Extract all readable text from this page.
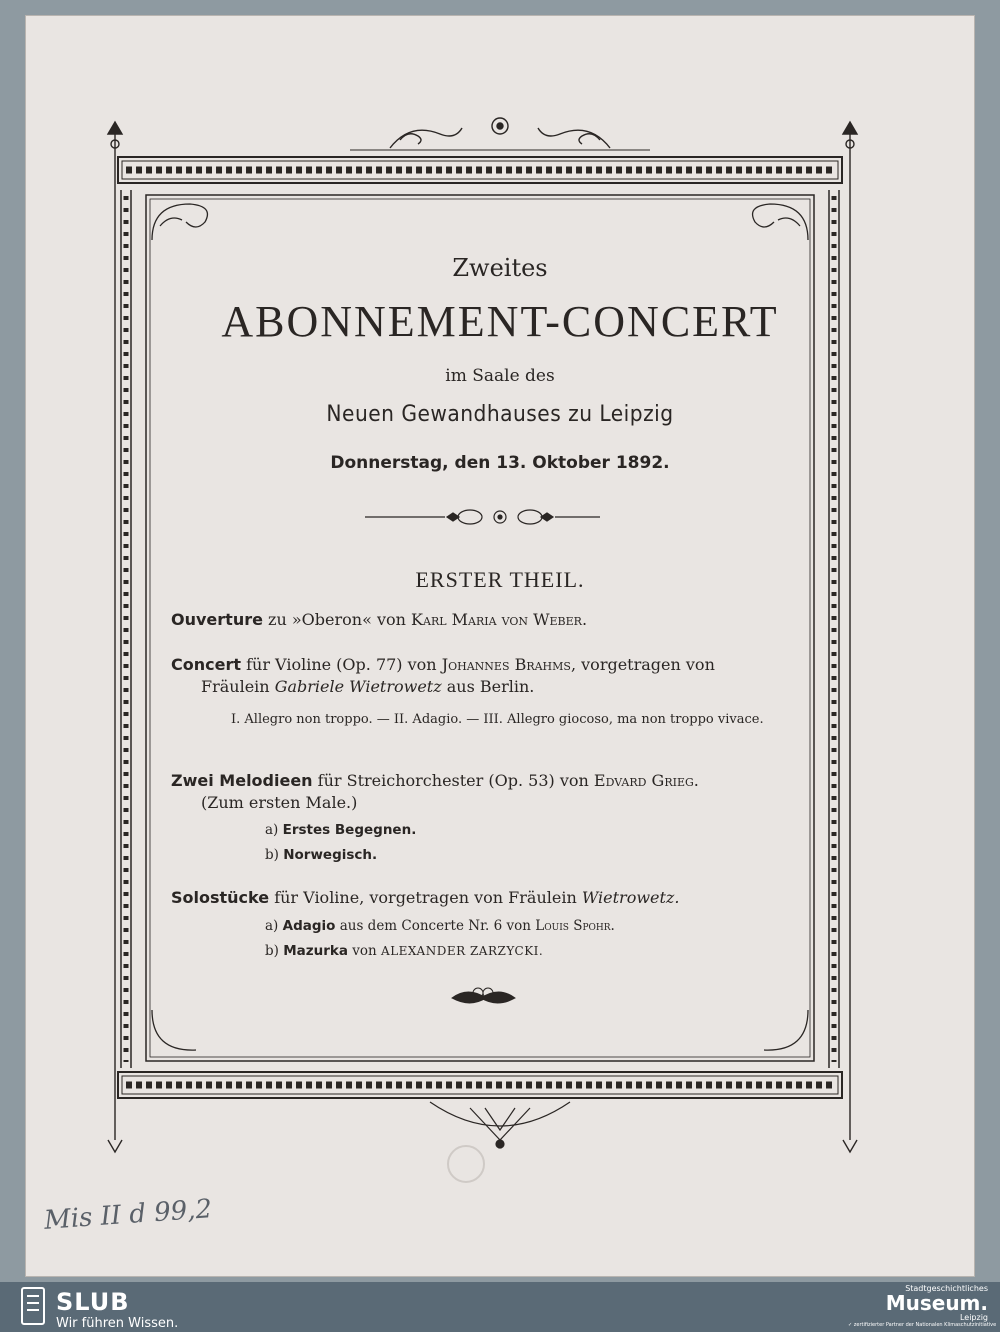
Zweites
ABONNEMENT-CONCERT
im Saale des
Neuen Gewandhauses zu Leipzig
Donnerstag, den 13. Oktober 1892.
ERSTER THEIL.
Ouverture zu »Oberon« von Karl Maria von Weber.
Concert für Violine (Op. 77) von Johannes Brahms, vorgetragen von
Fräulein Gabriele Wietrowetz aus Berlin.
I. Allegro non troppo. — II. Adagio. — III. Allegro giocoso, ma non troppo vivace.
Zwei Melodieen für Streichorchester (Op. 53) von Edvard Grieg.
(Zum ersten Male.)
a) Erstes Begegnen.
b) Norwegisch.
Solostücke für Violine, vorgetragen von Fräulein Wietrowetz.
a) Adagio aus dem Concerte Nr. 6 von Louis Spohr.
b) Mazurka von ALEXANDER ZARZYCKI.
Mis II d 99,2
SLUB
Wir führen Wissen.
Stadtgeschichtliches
Museum.
Leipzig
✓ zertifizierter Partner der Nationalen Klimaschutzinitiative
